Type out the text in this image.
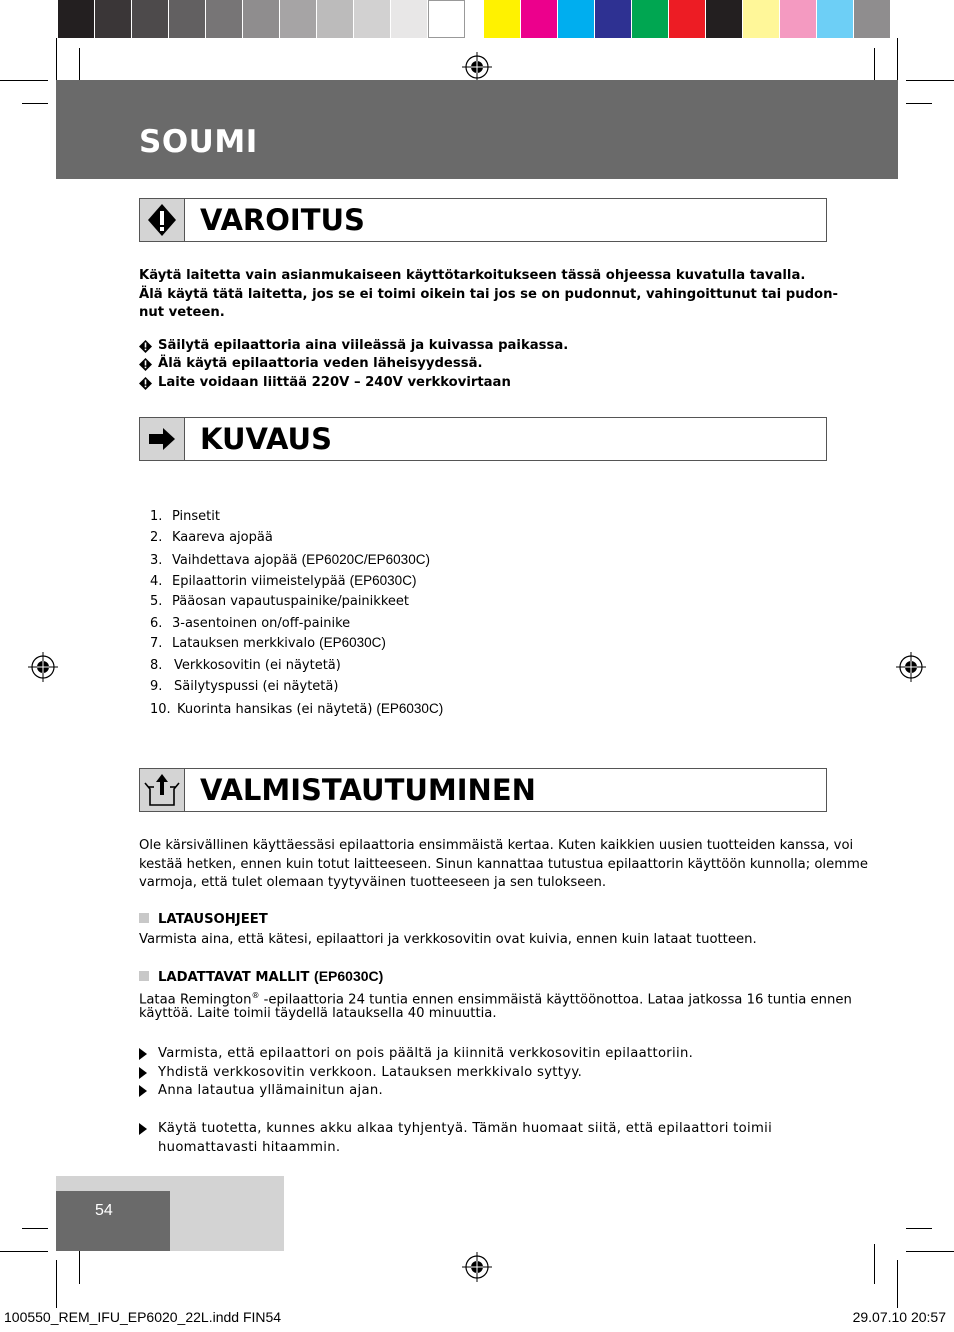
SOUMI
VAROITUS
Käytä laitetta vain asianmukaiseen käyttötarkoitukseen tässä ohjeessa kuvatulla tavalla.
Älä käytä tätä laitetta, jos se ei toimi oikein tai jos se on pudonnut, vahingoittunut tai pudon-
nut veteen.
Säilytä epilaattoria aina viileässä ja kuivassa paikassa.
Älä käytä epilaattoria veden läheisyydessä.
Laite voidaan liittää 220V – 240V verkkovirtaan
KUVAUS
1. Pinsetit
2. Kaareva ajopää
3. Vaihdettava ajopää (EP6020C/EP6030C)
4. Epilaattorin viimeistelypää (EP6030C)
5. Pääosan vapautuspainike/painikkeet
6. 3-asentoinen on/off-painike
7. Latauksen merkkivalo (EP6030C)
8. Verkkosovitin (ei näytetä)
9. Säilytyspussi (ei näytetä)
10. Kuorinta hansikas (ei näytetä) (EP6030C)
VALMISTAUTUMINEN
Ole kärsivällinen käyttäessäsi epilaattoria ensimmäistä kertaa. Kuten kaikkien uusien tuotteiden kanssa, voi
kestää hetken, ennen kuin totut laitteeseen. Sinun kannattaa tutustua epilaattorin käyttöön kunnolla; olemme
varmoja, että tulet olemaan tyytyväinen tuotteeseen ja sen tulokseen.
LATAUSOHJEET
Varmista aina, että kätesi, epilaattori ja verkkosovitin ovat kuivia, ennen kuin lataat tuotteen.
LADATTAVAT MALLIT (EP6030C)
Lataa Remington® -epilaattoria 24 tuntia ennen ensimmäistä käyttöönottoa. Lataa jatkossa 16 tuntia ennen
käyttöä. Laite toimii täydellä latauksella 40 minuuttia.
Varmista, että epilaattori on pois päältä ja kiinnitä verkkosovitin epilaattoriin.
Yhdistä verkkosovitin verkkoon. Latauksen merkkivalo syttyy.
Anna latautua yllämainitun ajan.
Käytä tuotetta, kunnes akku alkaa tyhjentyä. Tämän huomaat siitä, että epilaattori toimii
huomattavasti hitaammin.
54
100550_REM_IFU_EP6020_22L.indd FIN54	29.07.10 20:57
